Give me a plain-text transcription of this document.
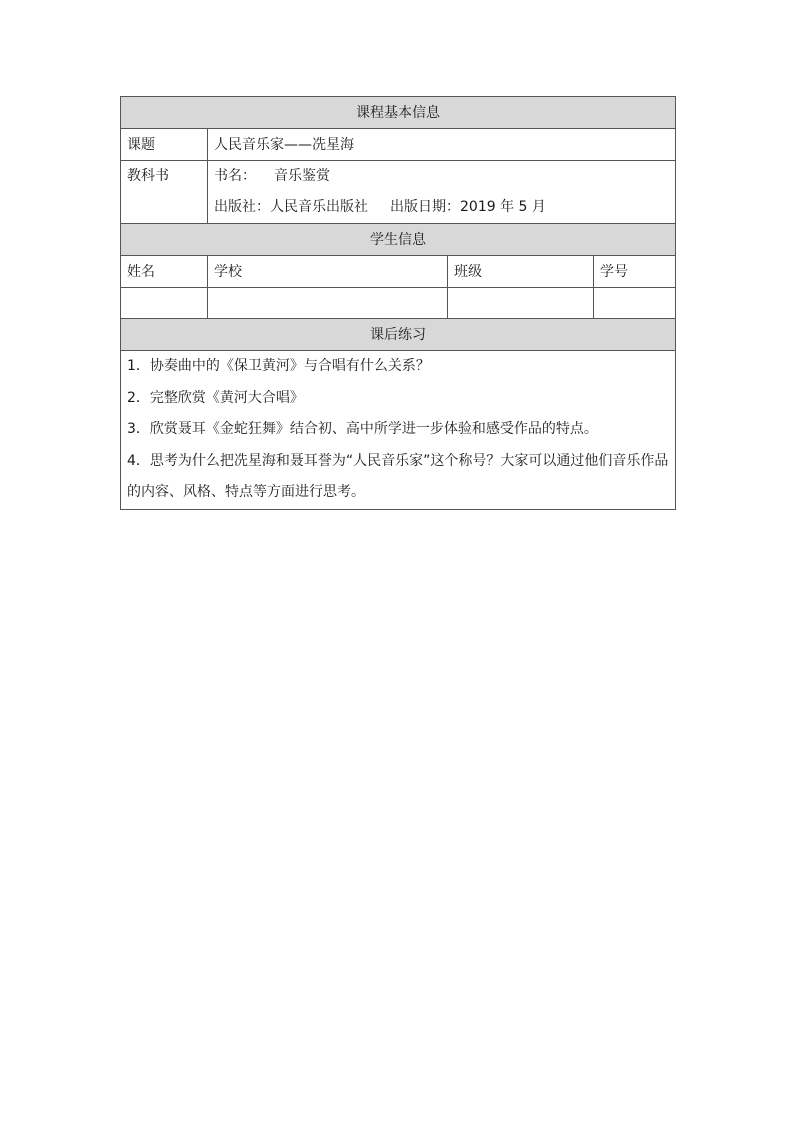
课程基本信息			
课题	人民音乐家——冼星海		

教科书	书名： 音乐鉴赏
出版社：人民音乐出版社 出版日期：2019 年 5 月		

学生信息			
姓名	学校	班级	学号

课后练习			

1．协奏曲中的《保卫黄河》与合唱有什么关系？
2．完整欣赏《黄河大合唱》
3．欣赏聂耳《金蛇狂舞》结合初、高中所学进一步体验和感受作品的特点。
4．思考为什么把冼星海和聂耳誉为“人民音乐家”这个称号？大家可以通过他们音乐作品的内容、风格、特点等方面进行思考。			
